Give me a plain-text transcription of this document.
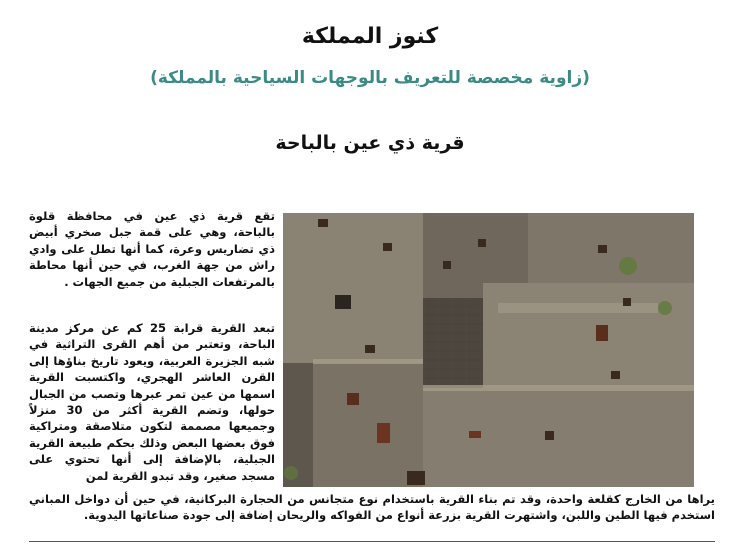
كنوز المملكة
(زاوية مخصصة للتعريف بالوجهات السياحية بالمملكة)
قرية ذي عين بالباحة

تقع قرية ذي عين في محافظة قلوة بالباحة، وهي على قمة جبل صخري أبيض ذي تضاريس وعرة، كما أنها تطل على وادي راش من جهة الغرب، في حين أنها محاطة بالمرتفعات الجبلية من جميع الجهات .

تبعد القرية قرابة 25 كم عن مركز مدينة الباحة، وتعتبر من أهم القرى التراثية في شبه الجزيرة العربية، ويعود تاريخ بناؤها إلى القرن العاشر الهجري، واكتسبت القرية اسمها من عين تمر عبرها وتصب من الجبال حولها، وتضم القرية أكثر من 30 منزلاً وجميعها مصممة لتكون متلاصقة ومتراكية فوق بعضها البعض وذلك بحكم طبيعة القرية الجبلية، بالإضافة إلى أنها تحتوي على مسجد صغير، وقد تبدو القرية لمن

يراها من الخارج كقلعة واحدة، وقد تم بناء القرية باستخدام نوع متجانس من الحجارة البركانية، في حين أن دواخل المباني استخدم فيها الطين واللبن، واشتهرت القرية بزرعة أنواع من الفواكه والريحان إضافة إلى جودة صناعاتها اليدوية.
